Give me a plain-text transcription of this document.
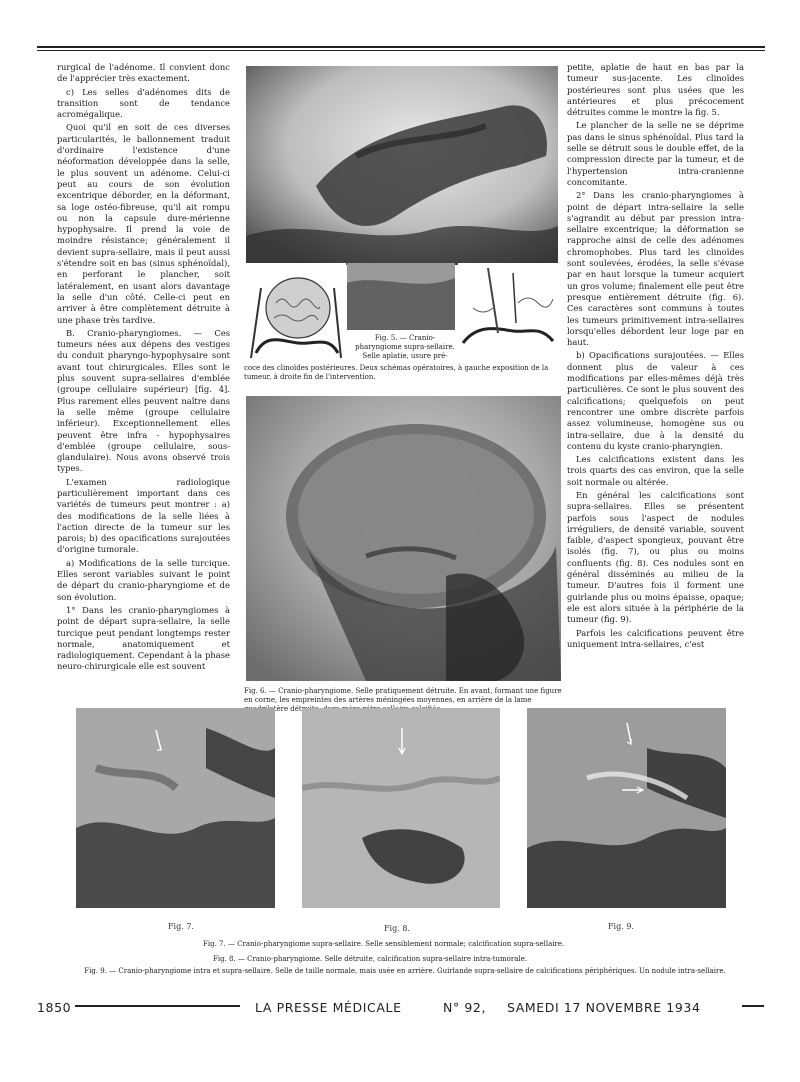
rurgical de l'adénome. Il convient donc de l'apprécier très exactement.

c) Les selles d'adénomes dits de transition sont de tendance acromégalique.

Quoi qu'il en soit de ces diverses particularités, le ballonnement traduit d'ordinaire l'existence d'une néoformation développée dans la selle, le plus souvent un adénome. Celui-ci peut au cours de son évolution excentrique déborder, en la déformant, sa loge ostéo-fibreuse, qu'il ait rompu ou non la capsule dure-mérienne hypophysaire. Il prend la voie de moindre résistance; généralement il devient supra-sellaire, mais il peut aussi s'étendre soit en bas (sinus sphénoïdal), en perforant le plancher, soit latéralement, en usant alors davantage la selle d'un côté. Celle-ci peut en arriver à être complètement détruite à une phase très tardive.

B. Cranio-pharyngiomes. — Ces tumeurs nées aux dépens des vestiges du conduit pharyngo-hypophysaire sont avant tout chirurgicales. Elles sont le plus souvent supra-sellaires d'emblée (groupe cellulaire supérieur) [fig. 4]. Plus rarement elles peuvent naître dans la selle même (groupe cellulaire inférieur). Exceptionnellement elles peuvent être infra - hypophysaires d'emblée (groupe cellulaire, sous-glandulaire). Nous avons observé trois types.

L'examen radiologique particulièrement important dans ces variétés de tumeurs peut montrer : a) des modifications de la selle liées à l'action directe de la tumeur sur les parois; b) des opacifications surajoutées d'origine tumorale.

a) Modifications de la selle turcique. Elles seront variables suivant le point de départ du cranio-pharyngiome et de son évolution.

1° Dans les cranio-pharyngiomes à point de départ supra-sellaire, la selle turcique peut pendant longtemps rester normale, anatomiquement et radiologiquement. Cependant à la phase neuro-chirurgicale elle est souvent

petite, aplatie de haut en bas par la tumeur sus-jacente. Les clinoïdes postérieures sont plus usées que les antérieures et plus précocement détruites comme le montre la fig. 5.

Le plancher de la selle ne se déprime pas dans le sinus sphénoïdal. Plus tard la selle se détruit sous le double effet, de la compression directe par la tumeur, et de l'hypertension intra-cranienne concomitante.

2° Dans les cranio-pharyngiomes à point de départ intra-sellaire la selle s'agrandit au début par pression intra-sellaire excentrique; la déformation se rapproche ainsi de celle des adénomes chromophobes. Plus tard les clinoïdes sont soulevées, érodées, la selle s'évase par en haut lorsque la tumeur acquiert un gros volume; finalement elle peut être presque entièrement détruite (fig. 6). Ces caractères sont communs à toutes les tumeurs primitivement intra-sellaires lorsqu'elles débordent leur loge par en haut.

b) Opacifications surajoutées. — Elles donnent plus de valeur à ces modifications par elles-mêmes déjà très particulières. Ce sont le plus souvent des calcifications; quelquefois on peut rencontrer une ombre discrète parfois assez volumineuse, homogène sus ou intra-sellaire, due à la densité du contenu du kyste cranio-pharyngien.

Les calcifications existent dans les trois quarts des cas environ, que la selle soit normale ou altérée.

En général les calcifications sont supra-sellaires. Elles se présentent parfois sous l'aspect de nodules irréguliers, de densité variable, souvent faible, d'aspect spongieux, pouvant être isolés (fig. 7), ou plus ou moins confluents (fig. 8). Ces nodules sont en général disséminés au milieu de la tumeur. D'autres fois il forment une guirlande plus ou moins épaisse, opaque; ele est alors située à la périphérie de la tumeur (fig. 9).

Parfois les calcifications peuvent être uniquement intra-sellaires, c'est

Fig. 5. — Cranio-pharyngiome supra-sellaire. Selle aplatie, usure pré-
coce des clinoïdes postérieures. Deux schémas opératoires, à gauche exposition de la tumeur, à droite fin de l'intervention.
Fig. 6. — Cranio-pharyngiome. Selle pratiquement détruite. En avant, formant une figure en corne, les empreintes des artères méningées moyennes, en arrière de la lame
Fig. 7.	Fig. 8.	Fig. 9.
Fig. 7. — Cranio-pharyngiome supra-sellaire. Selle sensiblement normale; calcification supra-sellaire.
Fig. 8. — Cranio-pharyngiome. Selle détruite, calcification supra-sellaire intra-tumorale.
Fig. 9. — Cranio-pharyngiome intra et supra-sellaire. Selle de taille normale, mais usée en arrière. Guirlande supra-sellaire de calcifications périphériques. Un nodule intra-sellaire.
1850	LA PRESSE MÉDICALE	N° 92, SAMEDI 17 NOVEMBRE 1934
